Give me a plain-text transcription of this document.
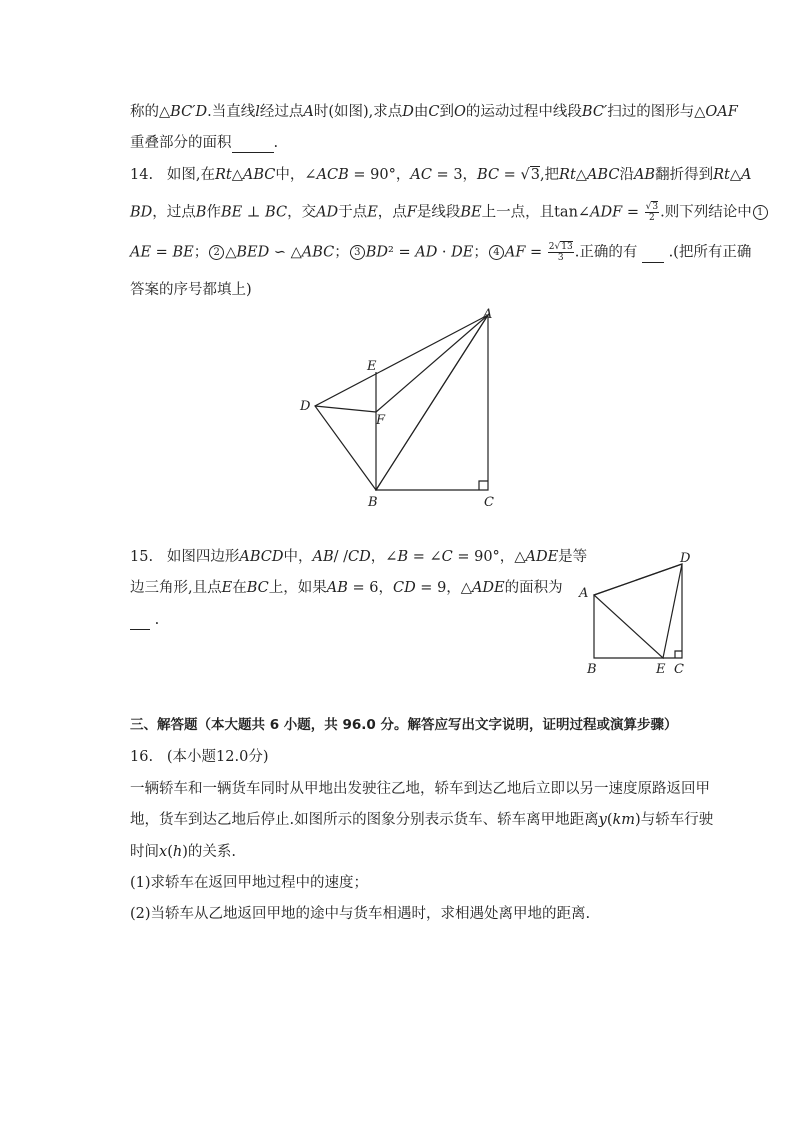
称的△BC′D.当直线l经过点A时(如图),求点D由C到O的运动过程中线段BC′扫过的图形与△OAF
重叠部分的面积	.
14. 如图,在Rt△ABC中，∠ACB = 90°，AC = 3，BC = √3,把Rt△ABC沿AB翻折得到Rt△A
BD，过点B作BE ⊥ BC，交AD于点E，点F是线段BE上一点，且tan∠ADF = $\frac{√3}{2}$ .则下列结论中 1
AE = BE； 2 △BED ∽ △ABC； 3 BD² = AD · DE； 4 AF = $\frac{2√13}{3}$ .正确的有 .(把所有正确
答案的序号都填上)
A
B	C
D
E
F
15. 如图四边形ABCD中，AB/ /CD，∠B = ∠C = 90°，△ADE是等
边三角形,且点E在BC上，如果AB = 6，CD = 9，△ADE的面积为
.
A
B	C
D
E
三、解答题（本大题共 6 小题，共 96.0 分。解答应写出文字说明，证明过程或演算步骤）
16. (本小题12.0分)
一辆轿车和一辆货车同时从甲地出发驶往乙地，轿车到达乙地后立即以另一速度原路返回甲
地，货车到达乙地后停止.如图所示的图象分别表示货车、轿车离甲地距离y(km)与轿车行驶
时间x(h)的关系.
(1)求轿车在返回甲地过程中的速度；
(2)当轿车从乙地返回甲地的途中与货车相遇时，求相遇处离甲地的距离.
